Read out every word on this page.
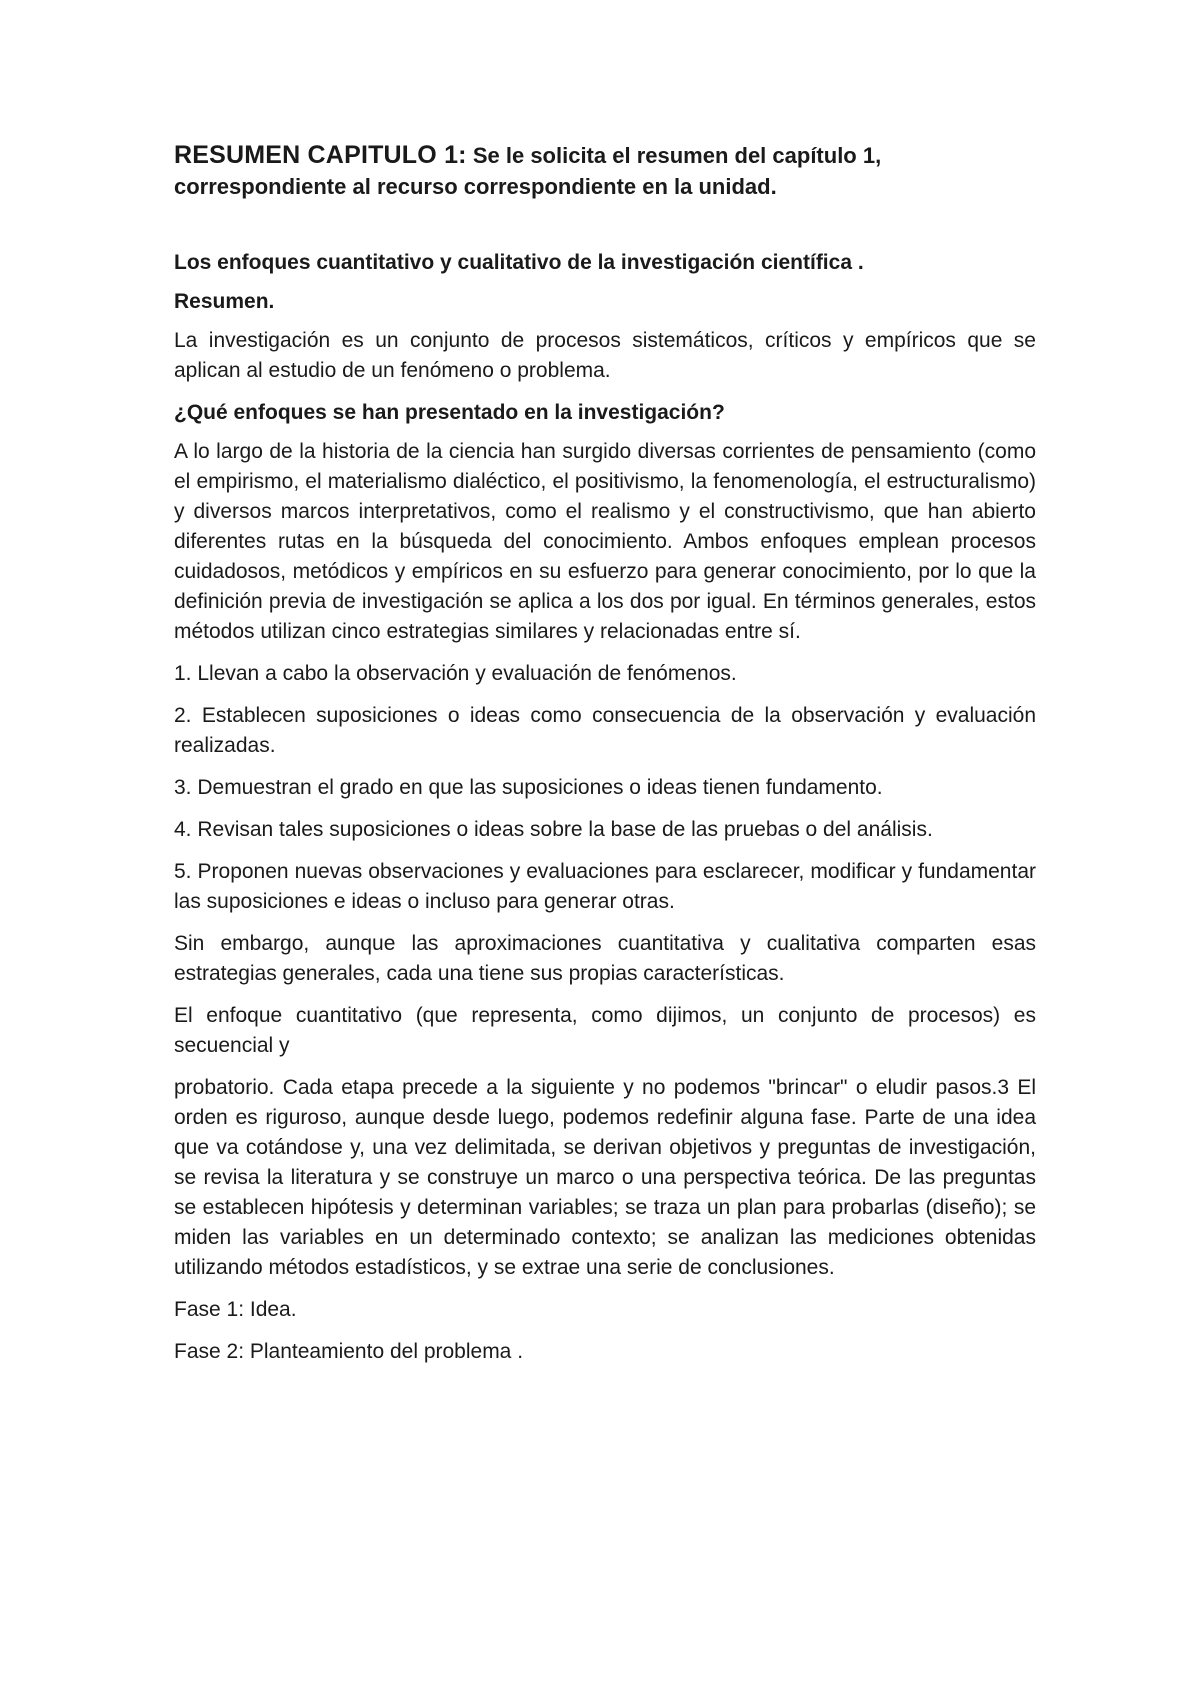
RESUMEN CAPITULO 1: Se le solicita el resumen del capítulo 1, correspondiente al recurso correspondiente en la unidad.

Los enfoques cuantitativo y cualitativo de la investigación científica .

Resumen.

La investigación es un conjunto de procesos sistemáticos, críticos y empíricos que se aplican al estudio de un fenómeno o problema.

¿Qué enfoques se han presentado en la investigación?

A lo largo de la historia de la ciencia han surgido diversas corrientes de pensamiento (como el empirismo, el materialismo dialéctico, el positivismo, la fenomenología, el estructuralismo) y diversos marcos interpretativos, como el realismo y el constructivismo, que han abierto diferentes rutas en la búsqueda del conocimiento. Ambos enfoques emplean procesos cuidadosos, metódicos y empíricos en su esfuerzo para generar conocimiento, por lo que la definición previa de investigación se aplica a los dos por igual. En términos generales, estos métodos utilizan cinco estrategias similares y relacionadas entre sí.

1. Llevan a cabo la observación y evaluación de fenómenos.

2. Establecen suposiciones o ideas como consecuencia de la observación y evaluación realizadas.

3. Demuestran el grado en que las suposiciones o ideas tienen fundamento.

4. Revisan tales suposiciones o ideas sobre la base de las pruebas o del análisis.

5. Proponen nuevas observaciones y evaluaciones para esclarecer, modificar y fundamentar las suposiciones e ideas o incluso para generar otras.

Sin embargo, aunque las aproximaciones cuantitativa y cualitativa comparten esas estrategias generales, cada una tiene sus propias características.

El enfoque cuantitativo (que representa, como dijimos, un conjunto de procesos) es secuencial y

probatorio. Cada etapa precede a la siguiente y no podemos "brincar" o eludir pasos.3 El orden es riguroso, aunque desde luego, podemos redefinir alguna fase. Parte de una idea que va cotándose y, una vez delimitada, se derivan objetivos y preguntas de investigación, se revisa la literatura y se construye un marco o una perspectiva teórica. De las preguntas se establecen hipótesis y determinan variables; se traza un plan para probarlas (diseño); se miden las variables en un determinado contexto; se analizan las mediciones obtenidas utilizando métodos estadísticos, y se extrae una serie de conclusiones.

Fase 1: Idea.

Fase 2: Planteamiento del problema .
